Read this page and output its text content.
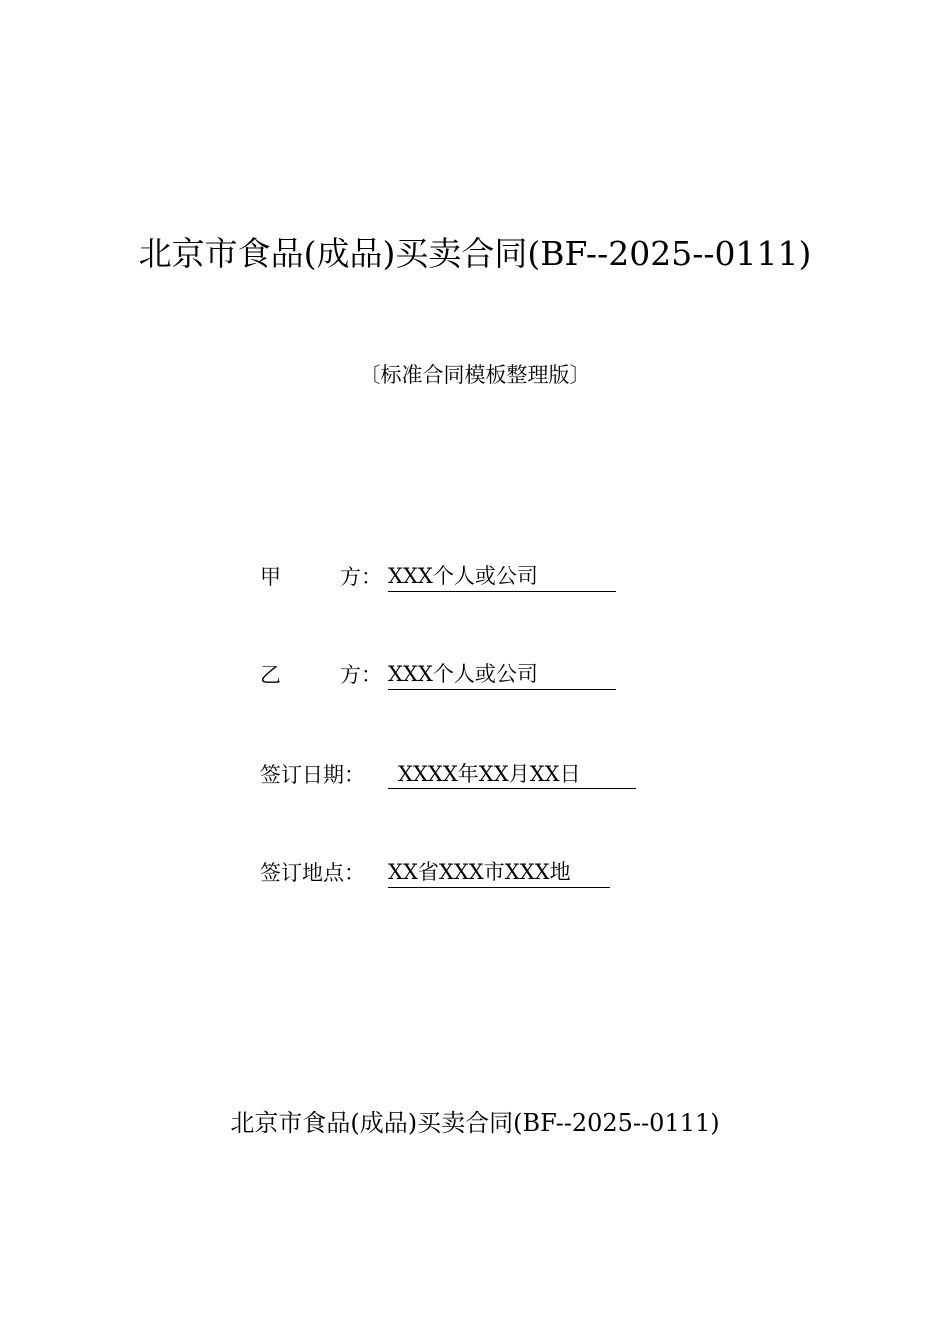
北京市食品(成品)买卖合同(BF--2025--0111)
〔标准合同模板整理版〕
甲	方： XXX个人或公司
乙	方： XXX个人或公司
签订日期： XXXX年XX月XX日
签订地点： XX省XXX市XXX地
北京市食品(成品)买卖合同(BF--2025--0111)
